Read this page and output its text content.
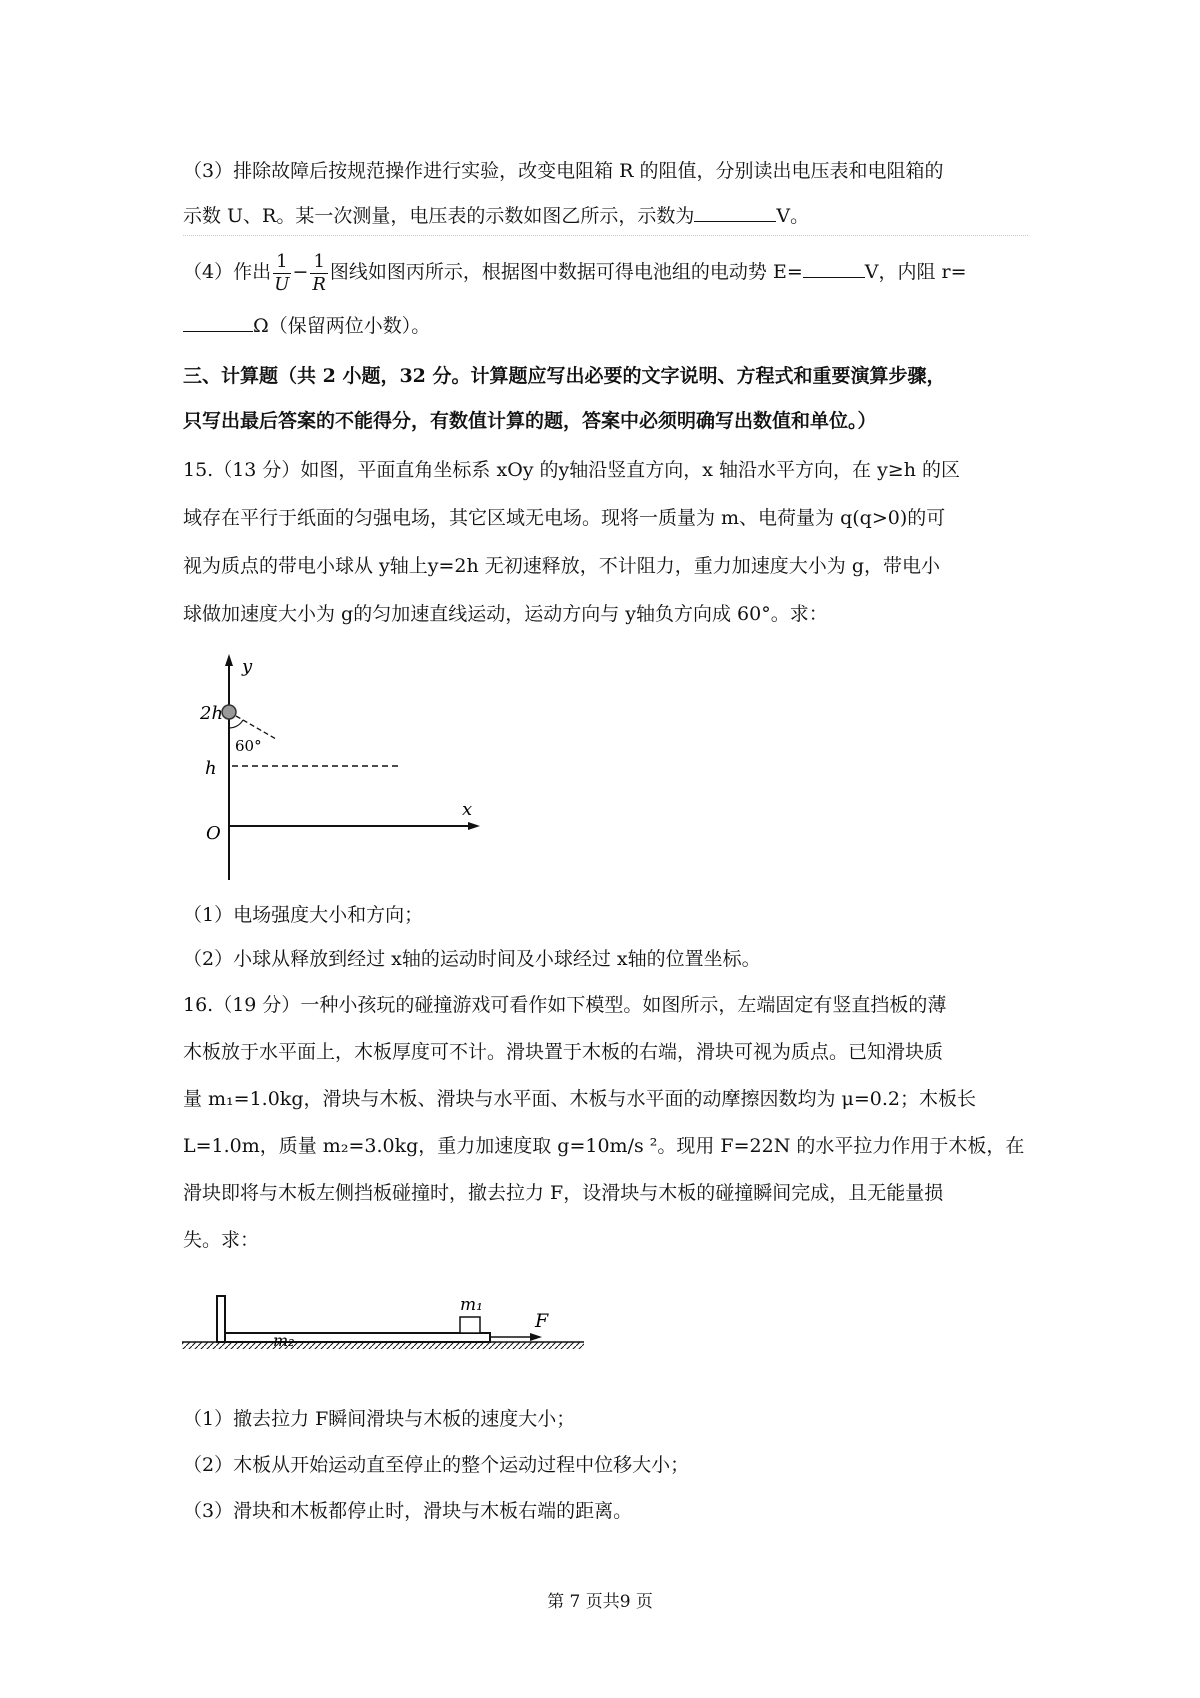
（3）排除故障后按规范操作进行实验，改变电阻箱 R 的阻值，分别读出电压表和电阻箱的
示数 U、R。某一次测量，电压表的示数如图乙所示，示数为	V。
（4）作出 $\frac{1}{U} - \frac{1}{R}$ 图线如图丙所示，根据图中数据可得电池组的电动势 E=	V，内阻 r=
Ω（保留两位小数）。
三、计算题（共 2 小题，32 分。计算题应写出必要的文字说明、方程式和重要演算步骤，
只写出最后答案的不能得分，有数值计算的题，答案中必须明确写出数值和单位。）
15.（13 分）如图，平面直角坐标系 xOy 的y轴沿竖直方向，x 轴沿水平方向，在 y≥h 的区
域存在平行于纸面的匀强电场，其它区域无电场。现将一质量为 m、电荷量为 q(q>0)的可
视为质点的带电小球从 y轴上y=2h 无初速释放，不计阻力，重力加速度大小为 g，带电小
球做加速度大小为 g的匀加速直线运动，运动方向与 y轴负方向成 60°。求：
y
2h
60°
h
x
O
（1）电场强度大小和方向；
（2）小球从释放到经过 x轴的运动时间及小球经过 x轴的位置坐标。
16.（19 分）一种小孩玩的碰撞游戏可看作如下模型。如图所示，左端固定有竖直挡板的薄
木板放于水平面上，木板厚度可不计。滑块置于木板的右端，滑块可视为质点。已知滑块质
量 m₁=1.0kg，滑块与木板、滑块与水平面、木板与水平面的动摩擦因数均为 μ=0.2；木板长
L=1.0m，质量 m₂=3.0kg，重力加速度取 g=10m/s ²。现用 F=22N 的水平拉力作用于木板，在
滑块即将与木板左侧挡板碰撞时，撤去拉力 F，设滑块与木板的碰撞瞬间完成，且无能量损
失。求：
m₁
m₂
F
（1）撤去拉力 F瞬间滑块与木板的速度大小；
（2）木板从开始运动直至停止的整个运动过程中位移大小；
（3）滑块和木板都停止时，滑块与木板右端的距离。
第 7 页共9 页
